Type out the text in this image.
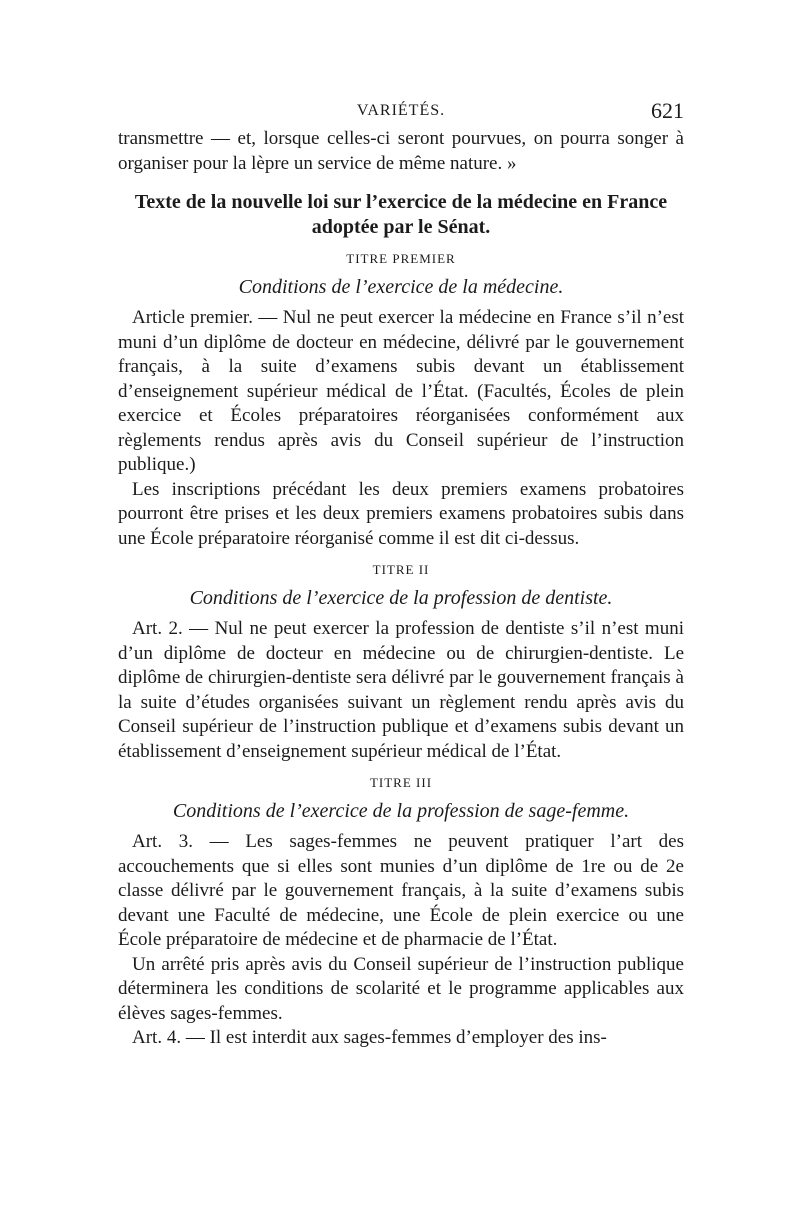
VARIÉTÉS.	621

transmettre — et, lorsque celles-ci seront pourvues, on pourra songer à organiser pour la lèpre un service de même nature. »

Texte de la nouvelle loi sur l’exercice de la médecine en France adoptée par le Sénat.
TITRE PREMIER
Conditions de l’exercice de la médecine.

Article premier. — Nul ne peut exercer la médecine en France s’il n’est muni d’un diplôme de docteur en médecine, délivré par le gouvernement français, à la suite d’examens subis devant un établissement d’enseignement supérieur médical de l’État. (Facultés, Écoles de plein exercice et Écoles préparatoires réorganisées conformément aux règlements rendus après avis du Conseil supérieur de l’instruction publique.)

Les inscriptions précédant les deux premiers examens probatoires pourront être prises et les deux premiers examens probatoires subis dans une École préparatoire réorganisé comme il est dit ci-dessus.

TITRE II
Conditions de l’exercice de la profession de dentiste.

Art. 2. — Nul ne peut exercer la profession de dentiste s’il n’est muni d’un diplôme de docteur en médecine ou de chirurgien-dentiste. Le diplôme de chirurgien-dentiste sera délivré par le gouvernement français à la suite d’études organisées suivant un règlement rendu après avis du Conseil supérieur de l’instruction publique et d’examens subis devant un établissement d’enseignement supérieur médical de l’État.

TITRE III
Conditions de l’exercice de la profession de sage-femme.

Art. 3. — Les sages-femmes ne peuvent pratiquer l’art des accouchements que si elles sont munies d’un diplôme de 1re ou de 2e classe délivré par le gouvernement français, à la suite d’examens subis devant une Faculté de médecine, une École de plein exercice ou une École préparatoire de médecine et de pharmacie de l’État.

Un arrêté pris après avis du Conseil supérieur de l’instruction publique déterminera les conditions de scolarité et le programme applicables aux élèves sages-femmes.

Art. 4. — Il est interdit aux sages-femmes d’employer des ins-
